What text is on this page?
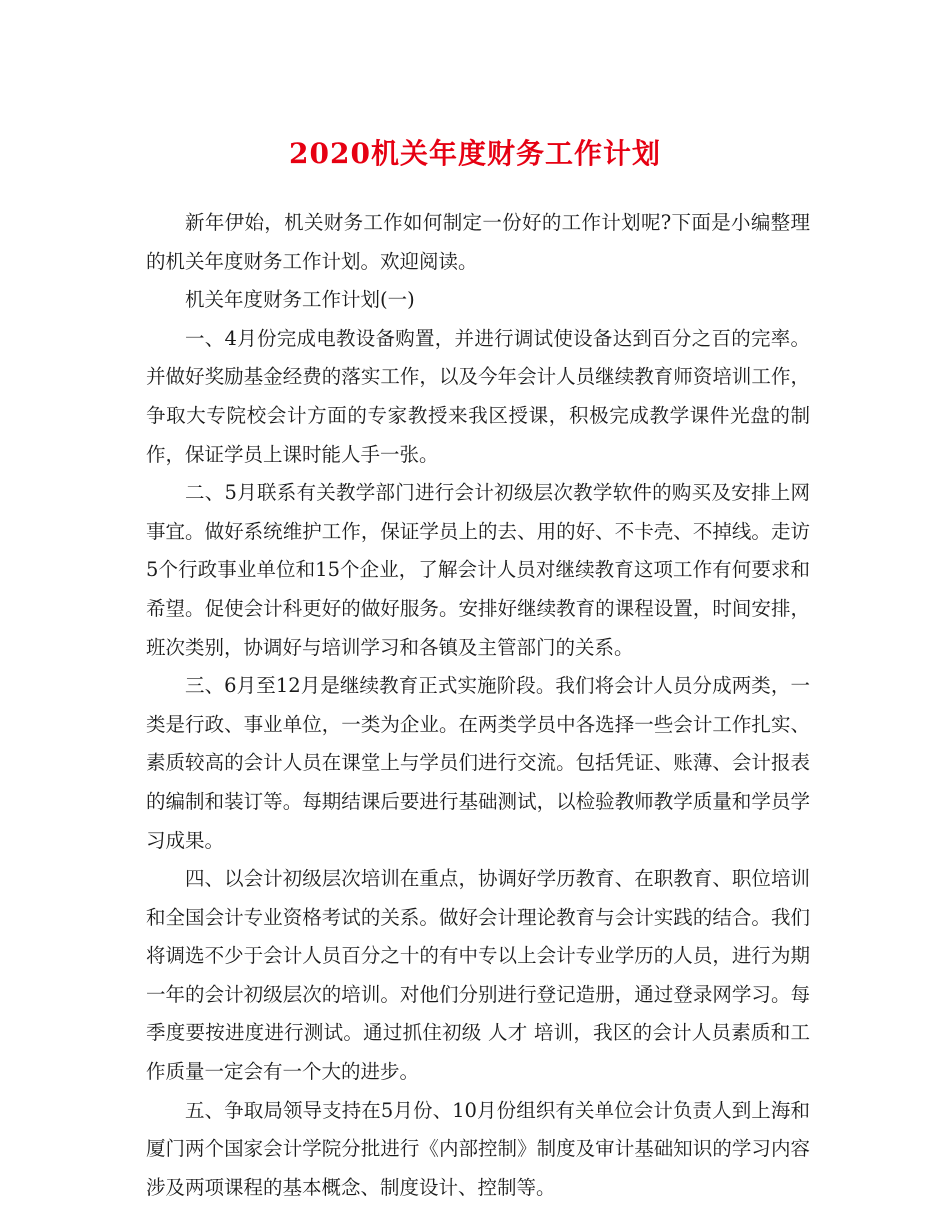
2020机关年度财务工作计划

新年伊始，机关财务工作如何制定一份好的工作计划呢?下面是小编整理的机关年度财务工作计划。欢迎阅读。

机关年度财务工作计划(一)

一、4月份完成电教设备购置，并进行调试使设备达到百分之百的完率。并做好奖励基金经费的落实工作，以及今年会计人员继续教育师资培训工作，争取大专院校会计方面的专家教授来我区授课，积极完成教学课件光盘的制作，保证学员上课时能人手一张。

二、5月联系有关教学部门进行会计初级层次教学软件的购买及安排上网事宜。做好系统维护工作，保证学员上的去、用的好、不卡壳、不掉线。走访5个行政事业单位和15个企业，了解会计人员对继续教育这项工作有何要求和希望。促使会计科更好的做好服务。安排好继续教育的课程设置，时间安排，班次类别，协调好与培训学习和各镇及主管部门的关系。

三、6月至12月是继续教育正式实施阶段。我们将会计人员分成两类，一类是行政、事业单位，一类为企业。在两类学员中各选择一些会计工作扎实、素质较高的会计人员在课堂上与学员们进行交流。包括凭证、账薄、会计报表的编制和装订等。每期结课后要进行基础测试，以检验教师教学质量和学员学习成果。

四、以会计初级层次培训在重点，协调好学历教育、在职教育、职位培训和全国会计专业资格考试的关系。做好会计理论教育与会计实践的结合。我们将调选不少于会计人员百分之十的有中专以上会计专业学历的人员，进行为期一年的会计初级层次的培训。对他们分别进行登记造册，通过登录网学习。每季度要按进度进行测试。通过抓住初级 人才 培训，我区的会计人员素质和工作质量一定会有一个大的进步。

五、争取局领导支持在5月份、10月份组织有关单位会计负责人到上海和厦门两个国家会计学院分批进行《内部控制》制度及审计基础知识的学习内容涉及两项课程的基本概念、制度设计、控制等。
